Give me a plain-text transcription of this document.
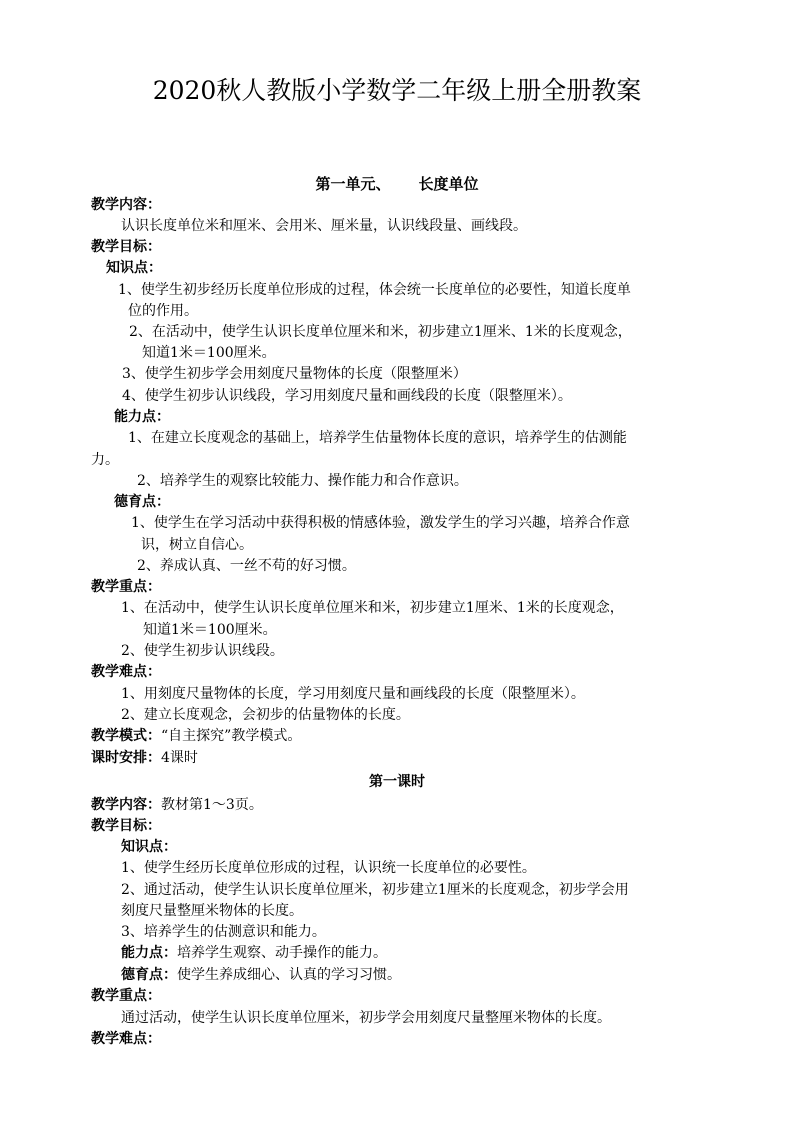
2020秋人教版小学数学二年级上册全册教案
第一单元、 长度单位
教学内容：
认识长度单位米和厘米、会用米、厘米量，认识线段量、画线段。
教学目标：
知识点：
1、使学生初步经历长度单位形成的过程，体会统一长度单位的必要性，知道长度单
位的作用。
2、在活动中，使学生认识长度单位厘米和米，初步建立1厘米、1米的长度观念，
知道1米＝100厘米。
3、使学生初步学会用刻度尺量物体的长度（限整厘米）
4、使学生初步认识线段，学习用刻度尺量和画线段的长度（限整厘米）。
能力点：
1、在建立长度观念的基础上，培养学生估量物体长度的意识，培养学生的估测能
力。
2、培养学生的观察比较能力、操作能力和合作意识。
德育点：
1、使学生在学习活动中获得积极的情感体验，激发学生的学习兴趣，培养合作意
识，树立自信心。
2、养成认真、一丝不苟的好习惯。
教学重点：
1、在活动中，使学生认识长度单位厘米和米，初步建立1厘米、1米的长度观念，
知道1米＝100厘米。
2、使学生初步认识线段。
教学难点：
1、用刻度尺量物体的长度，学习用刻度尺量和画线段的长度（限整厘米）。
2、建立长度观念，会初步的估量物体的长度。
教学模式：“自主探究”教学模式。
课时安排：4课时
第一课时
教学内容：教材第1～3页。
教学目标：
知识点：
1、使学生经历长度单位形成的过程，认识统一长度单位的必要性。
2、通过活动，使学生认识长度单位厘米，初步建立1厘米的长度观念，初步学会用
刻度尺量整厘米物体的长度。
3、培养学生的估测意识和能力。
能力点：培养学生观察、动手操作的能力。
德育点：使学生养成细心、认真的学习习惯。
教学重点：
通过活动，使学生认识长度单位厘米，初步学会用刻度尺量整厘米物体的长度。
教学难点：
